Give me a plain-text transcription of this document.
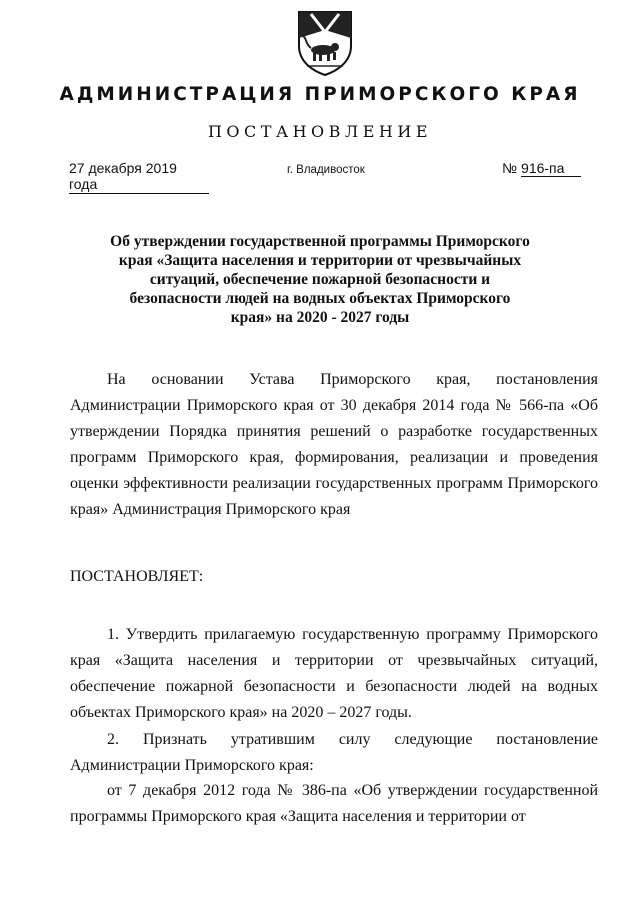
АДМИНИСТРАЦИЯ ПРИМОРСКОГО КРАЯ
ПОСТАНОВЛЕНИЕ
27 декабря 2019 года
г. Владивосток	№ 916-па
Об утверждении государственной программы Приморского края «Защита населения и территории от чрезвычайных ситуаций, обеспечение пожарной безопасности и безопасности людей на водных объектах Приморского края» на 2020 - 2027 годы
На основании Устава Приморского края, постановления Администрации Приморского края от 30 декабря 2014 года № 566-па «Об утверждении Порядка принятия решений о разработке государственных программ Приморского края, формирования, реализации и проведения оценки эффективности реализации государственных программ Приморского края» Администрация Приморского края
ПОСТАНОВЛЯЕТ:
1. Утвердить прилагаемую государственную программу Приморского края «Защита населения и территории от чрезвычайных ситуаций, обеспечение пожарной безопасности и безопасности людей на водных объектах Приморского края» на 2020 – 2027 годы.
2. Признать утратившим силу следующие постановление Администрации Приморского края:
от 7 декабря 2012 года № 386-па «Об утверждении государственной программы Приморского края «Защита населения и территории от
